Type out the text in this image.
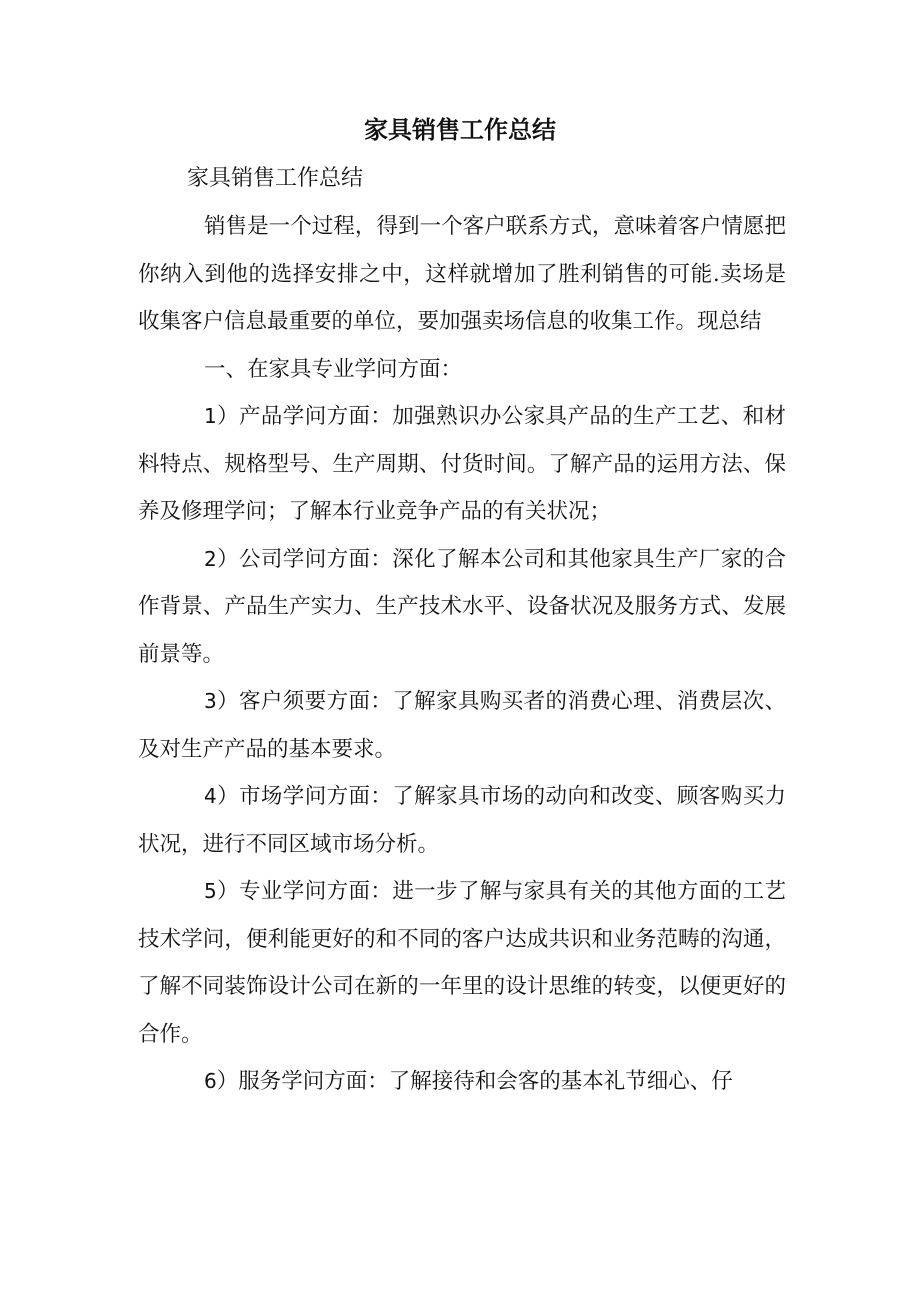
家具销售工作总结

家具销售工作总结

销售是一个过程，得到一个客户联系方式，意味着客户情愿把你纳入到他的选择安排之中，这样就增加了胜利销售的可能.卖场是收集客户信息最重要的单位，要加强卖场信息的收集工作。现总结

一、在家具专业学问方面：

1）产品学问方面：加强熟识办公家具产品的生产工艺、和材料特点、规格型号、生产周期、付货时间。了解产品的运用方法、保养及修理学问；了解本行业竞争产品的有关状况；

2）公司学问方面：深化了解本公司和其他家具生产厂家的合作背景、产品生产实力、生产技术水平、设备状况及服务方式、发展前景等。

3）客户须要方面：了解家具购买者的消费心理、消费层次、及对生产产品的基本要求。

4）市场学问方面：了解家具市场的动向和改变、顾客购买力状况，进行不同区域市场分析。

5）专业学问方面：进一步了解与家具有关的其他方面的工艺技术学问，便利能更好的和不同的客户达成共识和业务范畴的沟通，了解不同装饰设计公司在新的一年里的设计思维的转变，以便更好的合作。

6）服务学问方面：了解接待和会客的基本礼节细心、仔
